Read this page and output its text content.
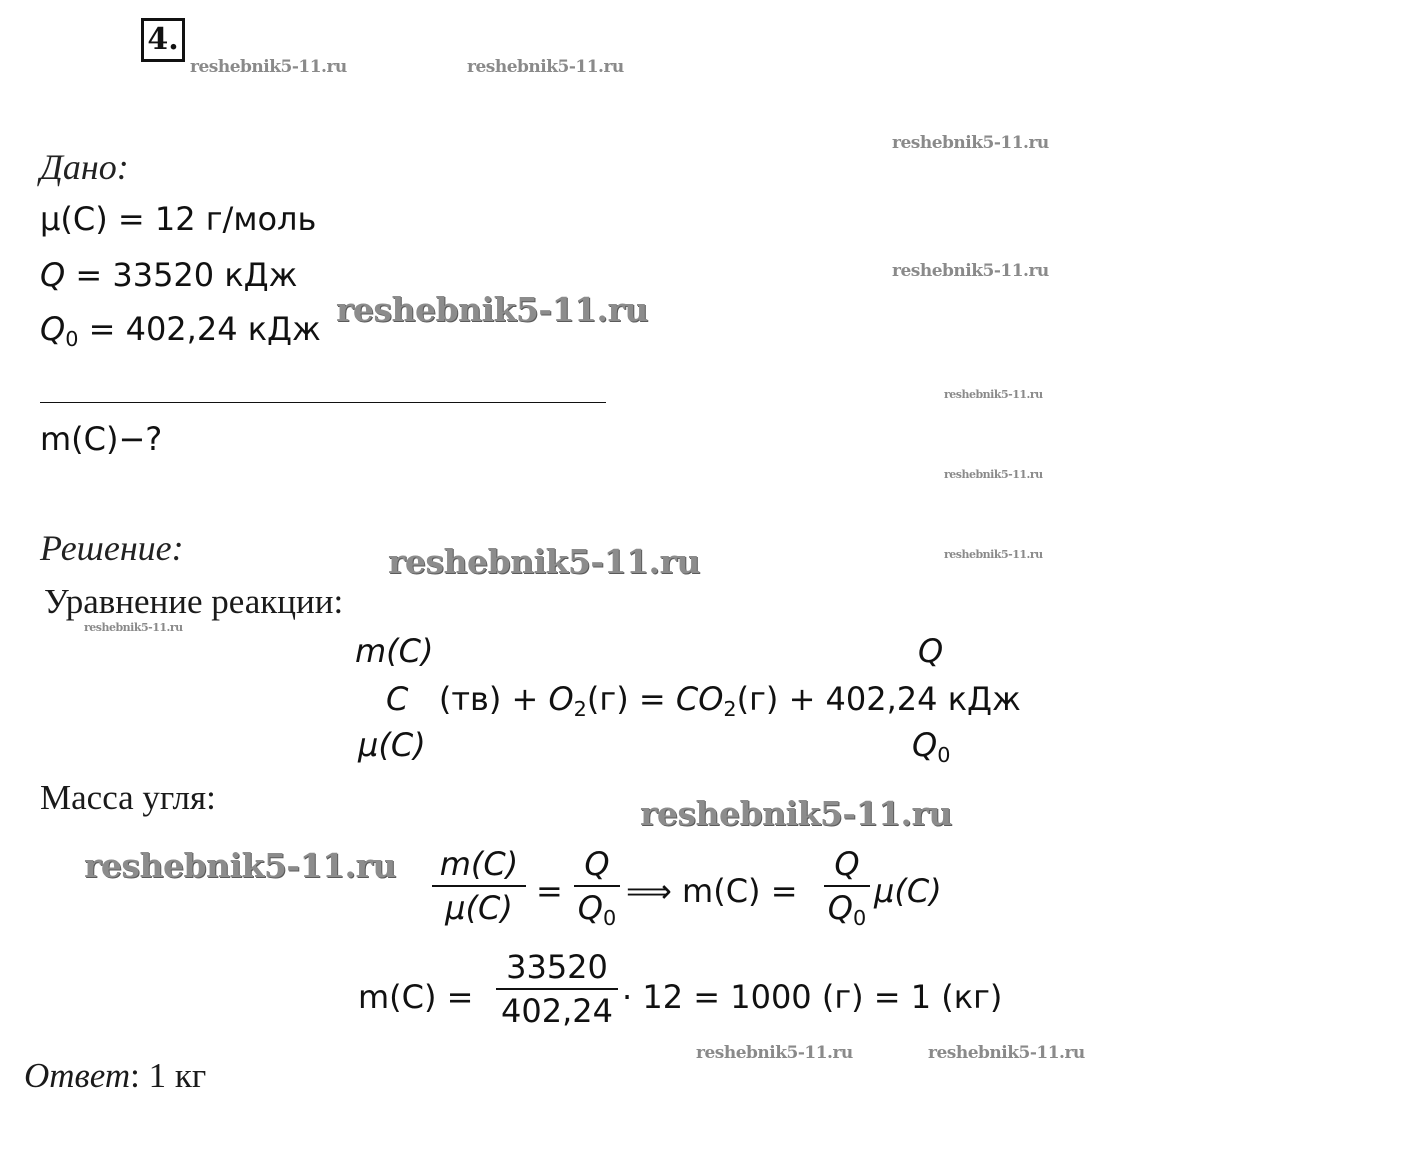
4.
reshebnik5-11.ru	reshebnik5-11.ru
reshebnik5-11.ru
reshebnik5-11.ru
reshebnik5-11.ru
reshebnik5-11.ru
reshebnik5-11.ru
reshebnik5-11.ru
reshebnik5-11.ru
reshebnik5-11.ru
reshebnik5-11.ru
reshebnik5-11.ru
reshebnik5-11.ru	reshebnik5-11.ru
Дано:
μ(C) = 12 г/моль
Q = 33520 кДж
$Q_0 = 402,24$ кДж
m(C)−?
Решение:
Уравнение реакции:
m(C)	Q
C $(тв) + O_2(г) = CO_2(г) + 402,24$ кДж
μ(C)	$Q_0$
Масса угля:
m(C)
μ(C) =
Q
$Q_0$
⟹ m(C) =
Q
$Q_0$
μ(C)
m(C) =
33520
402,24 · 12 = 1000 (г) = 1 (кг)
Ответ: 1 кг
